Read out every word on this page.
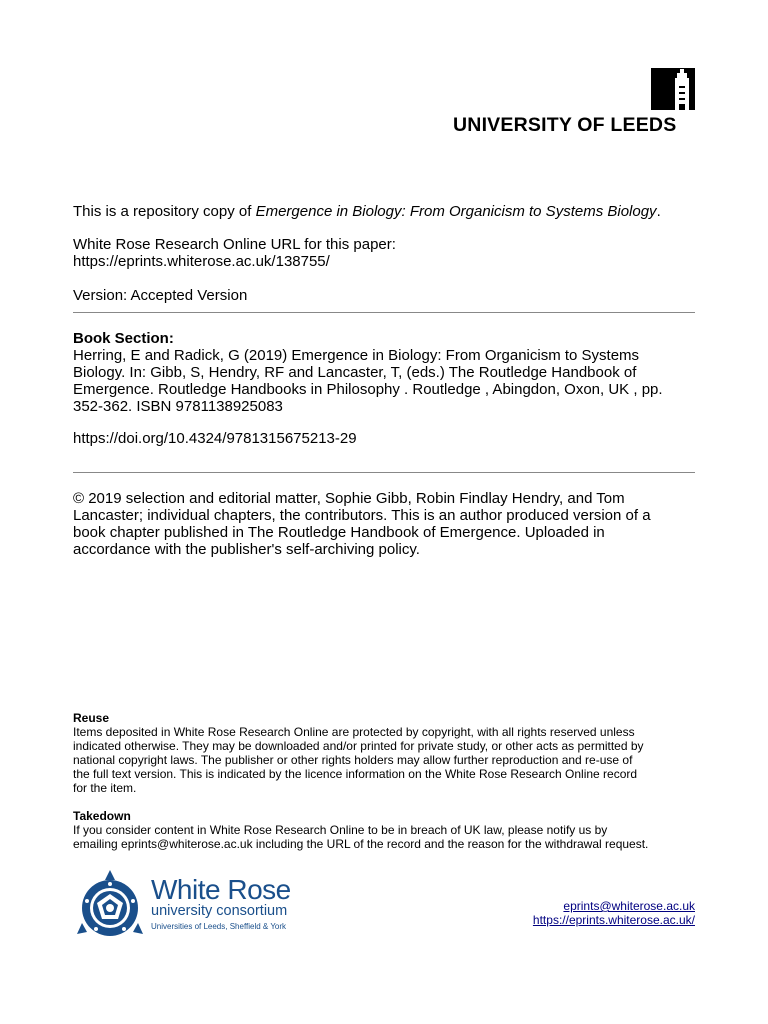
UNIVERSITY OF LEEDS
This is a repository copy of Emergence in Biology: From Organicism to Systems Biology.
White Rose Research Online URL for this paper:
https://eprints.whiterose.ac.uk/138755/
Version: Accepted Version
Book Section:
Herring, E and Radick, G (2019) Emergence in Biology: From Organicism to Systems
Biology. In: Gibb, S, Hendry, RF and Lancaster, T, (eds.) The Routledge Handbook of
Emergence. Routledge Handbooks in Philosophy . Routledge , Abingdon, Oxon, UK , pp.
352-362. ISBN 9781138925083
https://doi.org/10.4324/9781315675213-29
© 2019 selection and editorial matter, Sophie Gibb, Robin Findlay Hendry, and Tom
Lancaster; individual chapters, the contributors. This is an author produced version of a
book chapter published in The Routledge Handbook of Emergence. Uploaded in
accordance with the publisher's self-archiving policy.
Reuse
Items deposited in White Rose Research Online are protected by copyright, with all rights reserved unless
indicated otherwise. They may be downloaded and/or printed for private study, or other acts as permitted by
national copyright laws. The publisher or other rights holders may allow further reproduction and re-use of
the full text version. This is indicated by the licence information on the White Rose Research Online record
for the item.
Takedown
If you consider content in White Rose Research Online to be in breach of UK law, please notify us by
emailing eprints@whiterose.ac.uk including the URL of the record and the reason for the withdrawal request.
White Rose
university consortium
Universities of Leeds, Sheffield & York
eprints@whiterose.ac.uk
https://eprints.whiterose.ac.uk/
